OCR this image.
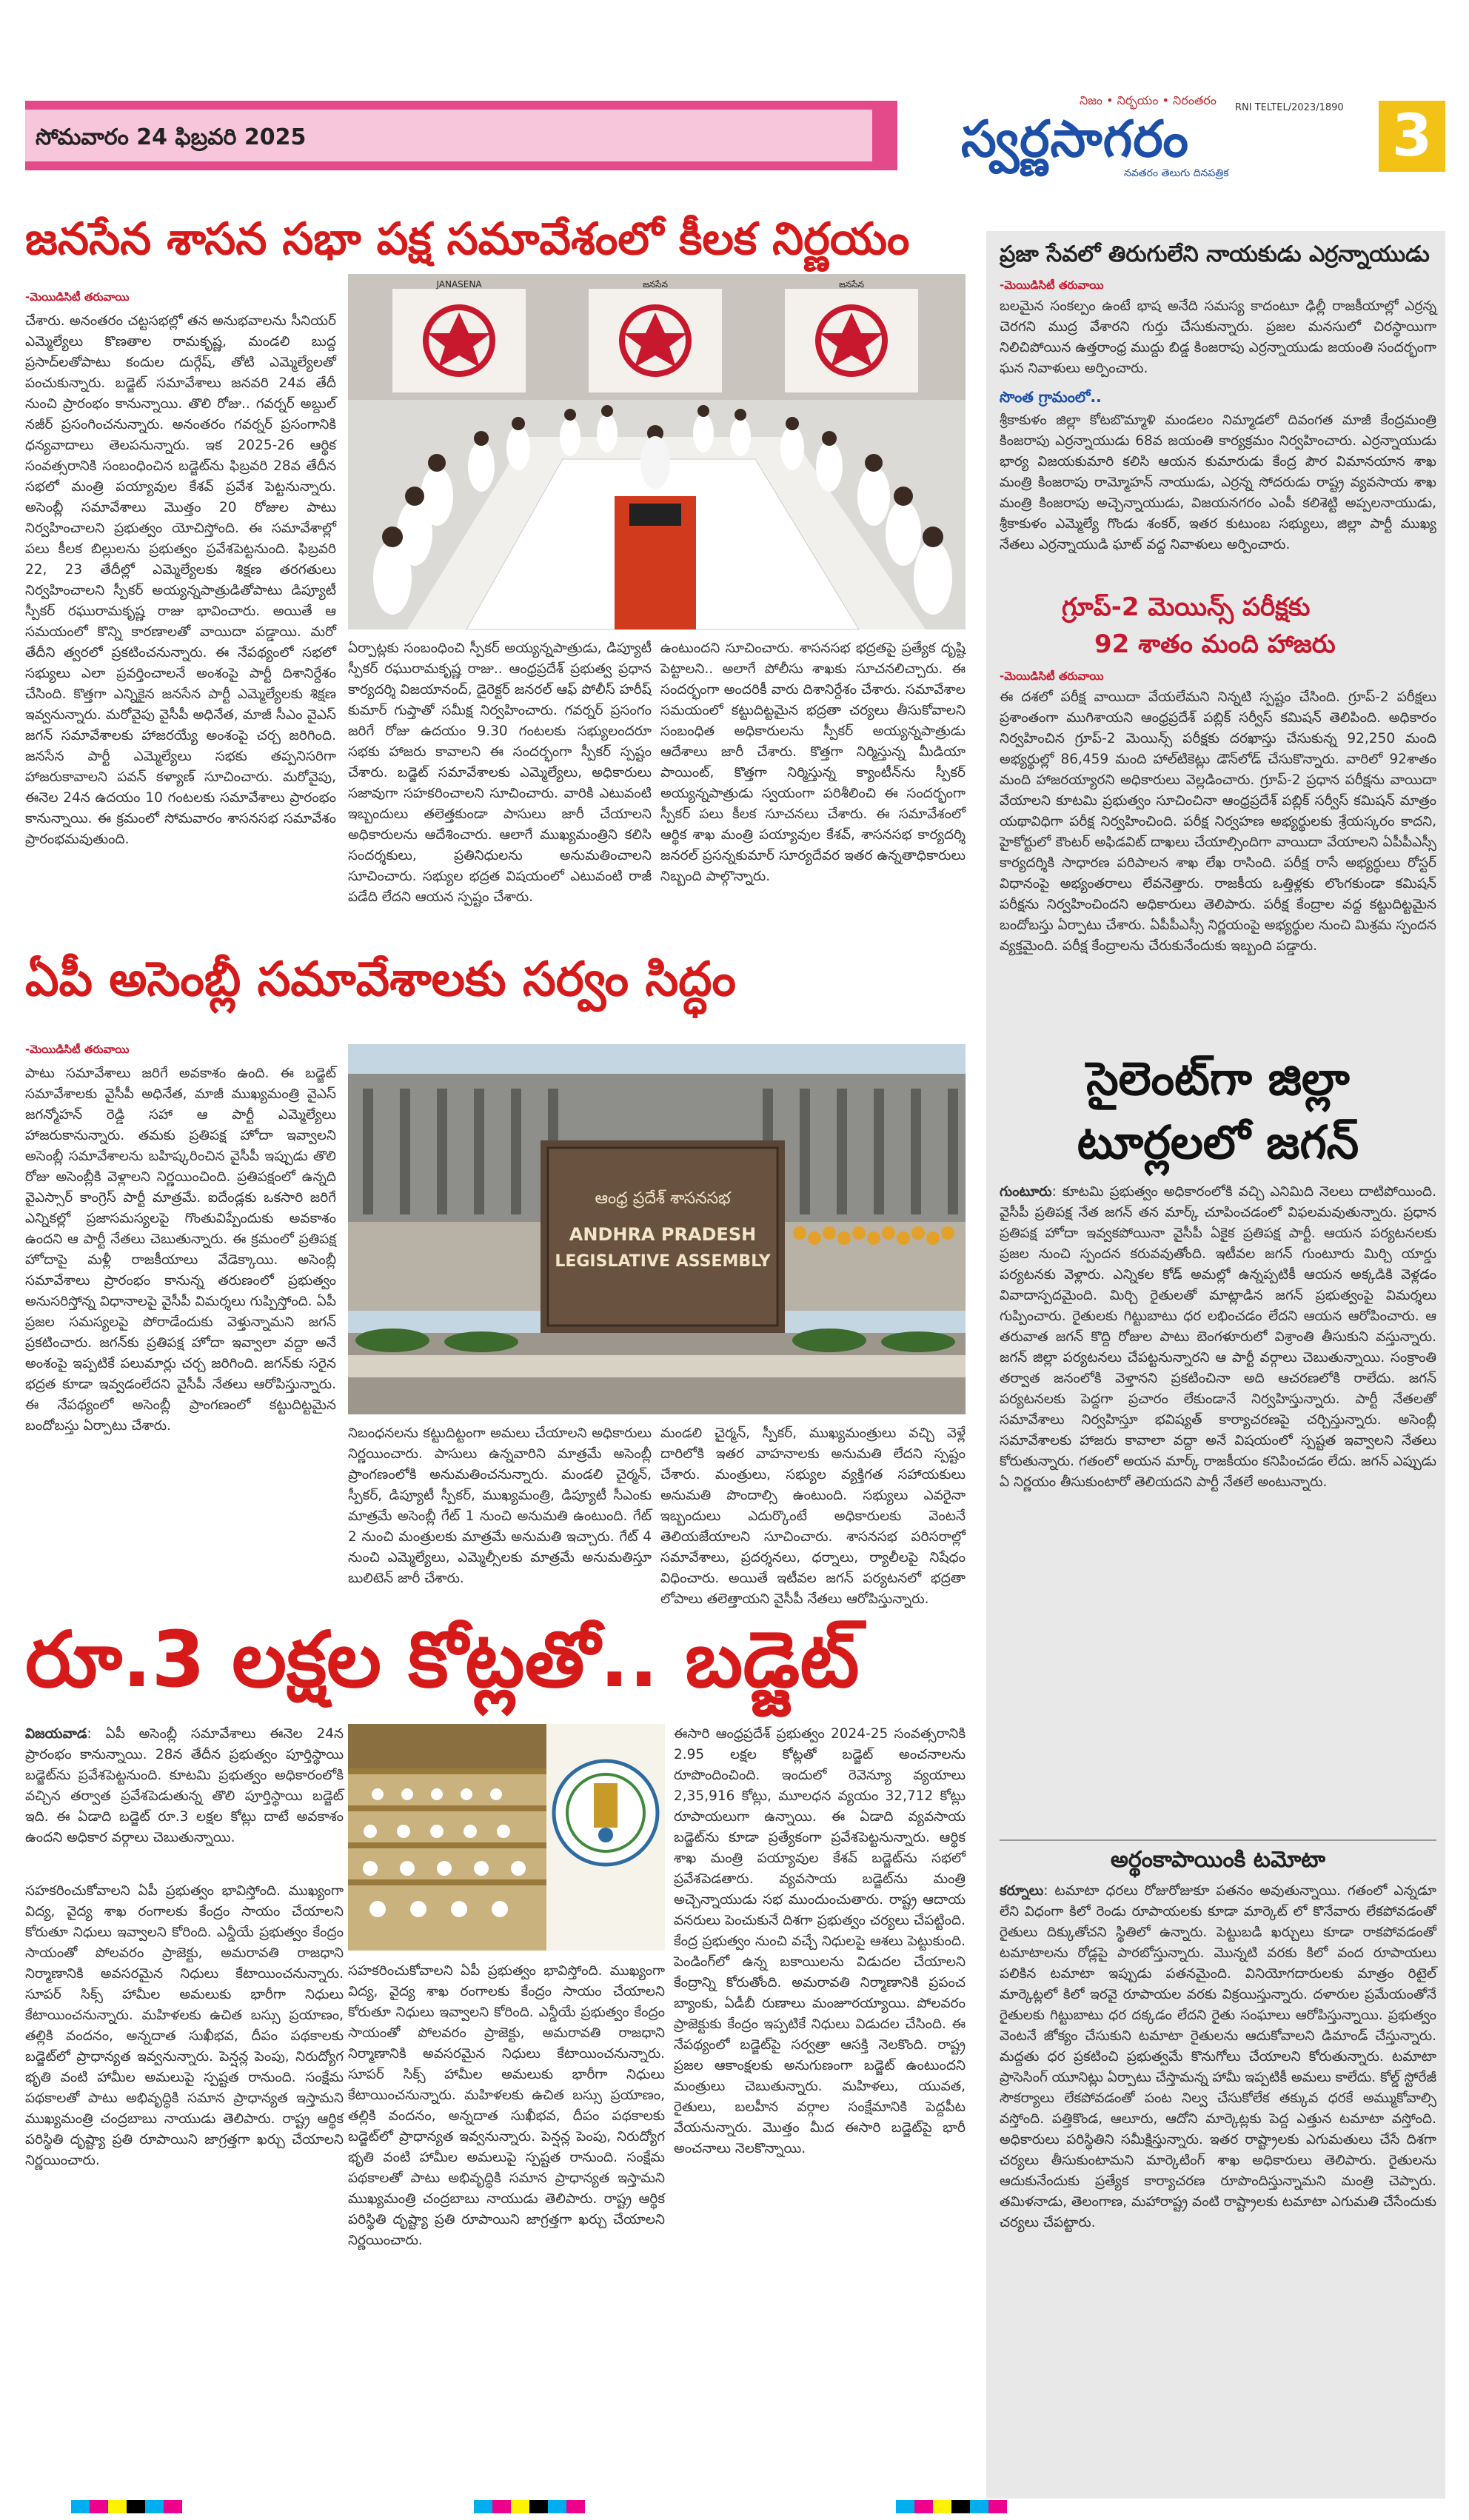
సోమవారం 24 ఫిబ్రవరి 2025
నిజం • నిర్భయం • నిరంతరం
RNI TELTEL/2023/1890
స్వర్ణసాగరం
నవతరం తెలుగు దినపత్రిక
3
జనసేన శాసన సభా పక్ష సమావేశంలో కీలక నిర్ణయం
-మెయిడిసిటీ తరువాయి

చేశారు. అనంతరం చట్టసభల్లో తన అనుభవాలను సీనియర్ ఎమ్మెల్యేలు కొణతాల రామకృష్ణ, మండలి బుద్ద ప్రసాద్‌లతోపాటు కందుల దుర్గేష్, తోటి ఎమ్మెల్యేలతో పంచుకున్నారు. బడ్జెట్ సమావేశాలు జనవరి 24వ తేదీ నుంచి ప్రారంభం కానున్నాయి. తొలి రోజు.. గవర్నర్ అబ్దుల్ నజీర్ ప్రసంగించనున్నారు. అనంతరం గవర్నర్ ప్రసంగానికి ధన్యవాదాలు తెలపనున్నారు. ఇక 2025-26 ఆర్థిక సంవత్సరానికి సంబంధించిన బడ్జెట్‌ను ఫిబ్రవరి 28వ తేదీన సభలో మంత్రి పయ్యావుల కేశవ్ ప్రవేశ పెట్టనున్నారు. అసెంబ్లీ సమావేశాలు మొత్తం 20 రోజుల పాటు నిర్వహించాలని ప్రభుత్వం యోచిస్తోంది. ఈ సమావేశాల్లో పలు కీలక బిల్లులను ప్రభుత్వం ప్రవేశపెట్టనుంది. ఫిబ్రవరి 22, 23 తేదీల్లో ఎమ్మెల్యేలకు శిక్షణ తరగతులు నిర్వహించాలని స్పీకర్ అయ్యన్నపాత్రుడితోపాటు డిప్యూటీ స్పీకర్ రఘురామకృష్ణ రాజు భావించారు. అయితే ఆ సమయంలో కొన్ని కారణాలతో వాయిదా పడ్డాయి. మరో తేదీని త్వరలో ప్రకటించనున్నారు. ఈ నేపథ్యంలో సభలో సభ్యులు ఎలా ప్రవర్తించాలనే అంశంపై పార్టీ దిశానిర్దేశం చేసింది. కొత్తగా ఎన్నికైన జనసేన పార్టీ ఎమ్మెల్యేలకు శిక్షణ ఇవ్వనున్నారు. మరోవైపు వైసీపీ అధినేత, మాజీ సీఎం వైఎస్ జగన్ సమావేశాలకు హాజరయ్యే అంశంపై చర్చ జరిగింది. జనసేన పార్టీ ఎమ్మెల్యేలు సభకు తప్పనిసరిగా హాజరుకావాలని పవన్ కళ్యాణ్ సూచించారు. మరోవైపు, ఈనెల 24న ఉదయం 10 గంటలకు సమావేశాలు ప్రారంభం కానున్నాయి. ఈ క్రమంలో సోమవారం శాసనసభ సమావేశం ప్రారంభమవుతుంది.

JANASENA	జనసేన	జనసేన

ఏర్పాట్లకు సంబంధించి స్పీకర్ అయ్యన్నపాత్రుడు, డిప్యూటీ స్పీకర్ రఘురామకృష్ణ రాజు.. ఆంధ్రప్రదేశ్ ప్రభుత్వ ప్రధాన కార్యదర్శి విజయానంద్, డైరెక్టర్ జనరల్ ఆఫ్ పోలీస్ హరీష్ కుమార్ గుప్తాతో సమీక్ష నిర్వహించారు. గవర్నర్ ప్రసంగం జరిగే రోజు ఉదయం 9.30 గంటలకు సభ్యులందరూ సభకు హాజరు కావాలని ఈ సందర్భంగా స్పీకర్ స్పష్టం చేశారు. బడ్జెట్ సమావేశాలకు ఎమ్మెల్యేలు, అధికారులు సజావుగా సహకరించాలని సూచించారు. వారికి ఎటువంటి ఇబ్బందులు తలెత్తకుండా పాసులు జారీ చేయాలని అధికారులను ఆదేశించారు. ఆలాగే ముఖ్యమంత్రిని కలిసి సందర్శకులు, ప్రతినిధులను అనుమతించాలని సూచించారు. సభ్యుల భద్రత విషయంలో ఎటువంటి రాజీ పడేది లేదని ఆయన స్పష్టం చేశారు.

ఉంటుందని సూచించారు. శాసనసభ భద్రతపై ప్రత్యేక దృష్టి పెట్టాలని.. అలాగే పోలీసు శాఖకు సూచనలిచ్చారు. ఈ సందర్భంగా అందరికీ వారు దిశానిర్దేశం చేశారు. సమావేశాల సమయంలో కట్టుదిట్టమైన భద్రతా చర్యలు తీసుకోవాలని సంబంధిత అధికారులను స్పీకర్ అయ్యన్నపాత్రుడు ఆదేశాలు జారీ చేశారు. కొత్తగా నిర్మిస్తున్న మీడియా పాయింట్, కొత్తగా నిర్మిస్తున్న క్యాంటీన్‌ను స్పీకర్ అయ్యన్నపాత్రుడు స్వయంగా పరిశీలించి ఈ సందర్భంగా స్పీకర్ పలు కీలక సూచనలు చేశారు. ఈ సమావేశంలో ఆర్థిక శాఖ మంత్రి పయ్యావుల కేశవ్, శాసనసభ కార్యదర్శి జనరల్ ప్రసన్నకుమార్ సూర్యదేవర ఇతర ఉన్నతాధికారులు నిబ్బంది పాల్గొన్నారు.

ఏపీ అసెంబ్లీ సమావేశాలకు సర్వం సిద్ధం
-మెయిడిసిటీ తరువాయి

పాటు సమావేశాలు జరిగే అవకాశం ఉంది. ఈ బడ్జెట్ సమావేశాలకు వైసీపీ అధినేత, మాజీ ముఖ్యమంత్రి వైఎస్ జగన్మోహన్ రెడ్డి సహా ఆ పార్టీ ఎమ్మెల్యేలు హాజరుకానున్నారు. తమకు ప్రతిపక్ష హోదా ఇవ్వాలని అసెంబ్లీ సమావేశాలను బహిష్కరించిన వైసీపీ ఇప్పుడు తొలి రోజు అసెంబ్లీకి వెళ్లాలని నిర్ణయించింది. ప్రతిపక్షంలో ఉన్నది వైఎస్సార్ కాంగ్రెస్ పార్టీ మాత్రమే. ఐదేండ్లకు ఒకసారి జరిగే ఎన్నికల్లో ప్రజాసమస్యలపై గొంతువిప్పేందుకు అవకాశం ఉందని ఆ పార్టీ నేతలు చెబుతున్నారు. ఈ క్రమంలో ప్రతిపక్ష హోదాపై మళ్లీ రాజకీయాలు వేడెక్కాయి. అసెంబ్లీ సమావేశాలు ప్రారంభం కానున్న తరుణంలో ప్రభుత్వం అనుసరిస్తోన్న విధానాలపై వైసీపీ విమర్శలు గుప్పిస్తోంది. ఏపీ ప్రజల సమస్యలపై పోరాడేందుకు వెళ్తున్నామని జగన్ ప్రకటించారు. జగన్‌కు ప్రతిపక్ష హోదా ఇవ్వాలా వద్దా అనే అంశంపై ఇప్పటికే పలుమార్లు చర్చ జరిగింది. జగన్‌కు సరైన భద్రత కూడా ఇవ్వడంలేదని వైసీపీ నేతలు ఆరోపిస్తున్నారు. ఈ నేపథ్యంలో అసెంబ్లీ ప్రాంగణంలో కట్టుదిట్టమైన బందోబస్తు ఏర్పాటు చేశారు.

ఆంధ్ర ప్రదేశ్ శాసనసభ
ANDHRA PRADESH
LEGISLATIVE ASSEMBLY

నిబంధనలను కట్టుదిట్టంగా అమలు చేయాలని అధికారులు నిర్ణయించారు. పాసులు ఉన్నవారిని మాత్రమే అసెంబ్లీ ప్రాంగణంలోకి అనుమతించనున్నారు. మండలి చైర్మన్, స్పీకర్, డిప్యూటీ స్పీకర్, ముఖ్యమంత్రి, డిప్యూటీ సీఎంకు మాత్రమే అసెంబ్లీ గేట్ 1 నుంచి అనుమతి ఉంటుంది. గేట్ 2 నుంచి మంత్రులకు మాత్రమే అనుమతి ఇచ్చారు. గేట్ 4 నుంచి ఎమ్మెల్యేలు, ఎమ్మెల్సీలకు మాత్రమే అనుమతిస్తూ బులిటెన్ జారీ చేశారు.

మండలి చైర్మన్, స్పీకర్, ముఖ్యమంత్రులు వచ్చి వెళ్లే దారిలోకి ఇతర వాహనాలకు అనుమతి లేదని స్పష్టం చేశారు. మంత్రులు, సభ్యుల వ్యక్తిగత సహాయకులు అనుమతి పొందాల్సి ఉంటుంది. సభ్యులు ఎవరైనా ఇబ్బందులు ఎదుర్కొంటే అధికారులకు వెంటనే తెలియజేయాలని సూచించారు. శాసనసభ పరిసరాల్లో సమావేశాలు, ప్రదర్శనలు, ధర్నాలు, ర్యాలీలపై నిషేధం విధించారు. అయితే ఇటీవల జగన్ పర్యటనలో భద్రతా లోపాలు తలెత్తాయని వైసీపీ నేతలు ఆరోపిస్తున్నారు.

రూ.3 లక్షల కోట్లతో.. బడ్జెట్

విజయవాడ: ఏపీ అసెంబ్లీ సమావేశాలు ఈనెల 24న ప్రారంభం కానున్నాయి. 28న తేదీన ప్రభుత్వం పూర్తిస్థాయి బడ్జెట్‌ను ప్రవేశపెట్టనుంది. కూటమి ప్రభుత్వం అధికారంలోకి వచ్చిన తర్వాత ప్రవేశపెడుతున్న తొలి పూర్తిస్థాయి బడ్జెట్ ఇది. ఈ ఏడాది బడ్జెట్ రూ.3 లక్షల కోట్లు దాటే అవకాశం ఉందని అధికార వర్గాలు చెబుతున్నాయి.

సహకరించుకోవాలని ఏపీ ప్రభుత్వం భావిస్తోంది. ముఖ్యంగా విద్య, వైద్య శాఖ రంగాలకు కేంద్రం సాయం చేయాలని కోరుతూ నిధులు ఇవ్వాలని కోరింది. ఎన్డీయే ప్రభుత్వం కేంద్రం సాయంతో పోలవరం ప్రాజెక్టు, అమరావతి రాజధాని నిర్మాణానికి అవసరమైన నిధులు కేటాయించనున్నారు. సూపర్ సిక్స్ హామీల అమలుకు భారీగా నిధులు కేటాయించనున్నారు. మహిళలకు ఉచిత బస్సు ప్రయాణం, తల్లికి వందనం, అన్నదాత సుఖీభవ, దీపం పథకాలకు బడ్జెట్‌లో ప్రాధాన్యత ఇవ్వనున్నారు. పెన్షన్ల పెంపు, నిరుద్యోగ భృతి వంటి హామీల అమలుపై స్పష్టత రానుంది. సంక్షేమ పథకాలతో పాటు అభివృద్ధికి సమాన ప్రాధాన్యత ఇస్తామని ముఖ్యమంత్రి చంద్రబాబు నాయుడు తెలిపారు. రాష్ట్ర ఆర్థిక పరిస్థితి దృష్ట్యా ప్రతి రూపాయిని జాగ్రత్తగా ఖర్చు చేయాలని నిర్ణయించారు.

సహకరించుకోవాలని ఏపీ ప్రభుత్వం భావిస్తోంది. ముఖ్యంగా విద్య, వైద్య శాఖ రంగాలకు కేంద్రం సాయం చేయాలని కోరుతూ నిధులు ఇవ్వాలని కోరింది. ఎన్డీయే ప్రభుత్వం కేంద్రం సాయంతో పోలవరం ప్రాజెక్టు, అమరావతి రాజధాని నిర్మాణానికి అవసరమైన నిధులు కేటాయించనున్నారు. సూపర్ సిక్స్ హామీల అమలుకు భారీగా నిధులు కేటాయించనున్నారు. మహిళలకు ఉచిత బస్సు ప్రయాణం, తల్లికి వందనం, అన్నదాత సుఖీభవ, దీపం పథకాలకు బడ్జెట్‌లో ప్రాధాన్యత ఇవ్వనున్నారు. పెన్షన్ల పెంపు, నిరుద్యోగ భృతి వంటి హామీల అమలుపై స్పష్టత రానుంది. సంక్షేమ పథకాలతో పాటు అభివృద్ధికి సమాన ప్రాధాన్యత ఇస్తామని ముఖ్యమంత్రి చంద్రబాబు నాయుడు తెలిపారు. రాష్ట్ర ఆర్థిక పరిస్థితి దృష్ట్యా ప్రతి రూపాయిని జాగ్రత్తగా ఖర్చు చేయాలని నిర్ణయించారు.

ఈసారి ఆంధ్రప్రదేశ్ ప్రభుత్వం 2024-25 సంవత్సరానికి 2.95 లక్షల కోట్లతో బడ్జెట్ అంచనాలను రూపొందించింది. ఇందులో రెవెన్యూ వ్యయాలు 2,35,916 కోట్లు, మూలధన వ్యయం 32,712 కోట్లు రూపాయలుగా ఉన్నాయి. ఈ ఏడాది వ్యవసాయ బడ్జెట్‌ను కూడా ప్రత్యేకంగా ప్రవేశపెట్టనున్నారు. ఆర్థిక శాఖ మంత్రి పయ్యావుల కేశవ్ బడ్జెట్‌ను సభలో ప్రవేశపెడతారు. వ్యవసాయ బడ్జెట్‌ను మంత్రి అచ్చెన్నాయుడు సభ ముందుంచుతారు. రాష్ట్ర ఆదాయ వనరులు పెంచుకునే దిశగా ప్రభుత్వం చర్యలు చేపట్టింది. కేంద్ర ప్రభుత్వం నుంచి వచ్చే నిధులపై ఆశలు పెట్టుకుంది. పెండింగ్‌లో ఉన్న బకాయిలను విడుదల చేయాలని కేంద్రాన్ని కోరుతోంది. అమరావతి నిర్మాణానికి ప్రపంచ బ్యాంకు, ఏడీబీ రుణాలు మంజూరయ్యాయి. పోలవరం ప్రాజెక్టుకు కేంద్రం ఇప్పటికే నిధులు విడుదల చేసింది. ఈ నేపథ్యంలో బడ్జెట్‌పై సర్వత్రా ఆసక్తి నెలకొంది. రాష్ట్ర ప్రజల ఆకాంక్షలకు అనుగుణంగా బడ్జెట్ ఉంటుందని మంత్రులు చెబుతున్నారు. మహిళలు, యువత, రైతులు, బలహీన వర్గాల సంక్షేమానికి పెద్దపీట వేయనున్నారు. మొత్తం మీద ఈసారి బడ్జెట్‌పై భారీ అంచనాలు నెలకొన్నాయి.

ప్రజా సేవలో తిరుగులేని నాయకుడు ఎర్రన్నాయుడు
-మెయిడిసిటీ తరువాయి

బలమైన సంకల్పం ఉంటే భాష అనేది సమస్య కాదంటూ ఢిల్లీ రాజకీయాల్లో ఎర్రన్న చెరగని ముద్ర వేశారని గుర్తు చేసుకున్నారు. ప్రజల మనసులో చిరస్థాయిగా నిలిచిపోయిన ఉత్తరాంధ్ర ముద్దు బిడ్డ కింజరాపు ఎర్రన్నాయుడు జయంతి సందర్భంగా ఘన నివాళులు అర్పించారు.

సొంత గ్రామంలో..

శ్రీకాకుళం జిల్లా కోటబొమ్మాళి మండలం నిమ్మాడలో దివంగత మాజీ కేంద్రమంత్రి కింజరాపు ఎర్రన్నాయుడు 68వ జయంతి కార్యక్రమం నిర్వహించారు. ఎర్రన్నాయుడు భార్య విజయకుమారి కలిసి ఆయన కుమారుడు కేంద్ర పౌర విమానయాన శాఖ మంత్రి కింజరాపు రామ్మోహన్ నాయుడు, ఎర్రన్న సోదరుడు రాష్ట్ర వ్యవసాయ శాఖ మంత్రి కింజరాపు అచ్చెన్నాయుడు, విజయనగరం ఎంపీ కలిశెట్టి అప్పలనాయుడు, శ్రీకాకుళం ఎమ్మెల్యే గొండు శంకర్, ఇతర కుటుంబ సభ్యులు, జిల్లా పార్టీ ముఖ్య నేతలు ఎర్రన్నాయుడి ఘాట్ వద్ద నివాళులు అర్పించారు.

గ్రూప్-2 మెయిన్స్ పరీక్షకు
92 శాతం మంది హాజరు
-మెయిడిసిటీ తరువాయి

ఈ దశలో పరీక్ష వాయిదా వేయలేమని నిన్నటి స్పష్టం చేసింది. గ్రూప్-2 పరీక్షలు ప్రశాంతంగా ముగిశాయని ఆంధ్రప్రదేశ్ పబ్లిక్ సర్వీస్ కమిషన్ తెలిపింది. అధికారం నిర్వహించిన గ్రూప్-2 మెయిన్స్ పరీక్షకు దరఖాస్తు చేసుకున్న 92,250 మంది అభ్యర్థుల్లో 86,459 మంది హాల్‌టికెట్లు డౌన్‌లోడ్ చేసుకొన్నారు. వారిలో 92శాతం మంది హాజరయ్యారని అధికారులు వెల్లడించారు. గ్రూప్-2 ప్రధాన పరీక్షను వాయిదా వేయాలని కూటమి ప్రభుత్వం సూచించినా ఆంధ్రప్రదేశ్ పబ్లిక్ సర్వీస్ కమిషన్ మాత్రం యథావిధిగా పరీక్ష నిర్వహించింది. పరీక్ష నిర్వహణ అభ్యర్థులకు శ్రేయస్కరం కాదని, హైకోర్టులో కౌంటర్ అఫిడవిట్ దాఖలు చేయాల్సిందిగా వాయిదా వేయాలని ఏపీపీఎస్సీ కార్యదర్శికి సాధారణ పరిపాలన శాఖ లేఖ రాసింది. పరీక్ష రాసే అభ్యర్థులు రోస్టర్ విధానంపై అభ్యంతరాలు లేవనెత్తారు. రాజకీయ ఒత్తిళ్లకు లొంగకుండా కమిషన్ పరీక్షను నిర్వహించిందని అధికారులు తెలిపారు. పరీక్ష కేంద్రాల వద్ద కట్టుదిట్టమైన బందోబస్తు ఏర్పాటు చేశారు. ఏపీపీఎస్సీ నిర్ణయంపై అభ్యర్థుల నుంచి మిశ్రమ స్పందన వ్యక్తమైంది. పరీక్ష కేంద్రాలను చేరుకునేందుకు ఇబ్బంది పడ్డారు.

సైలెంట్‌గా జిల్లా
టూర్లలలో జగన్

గుంటూరు: కూటమి ప్రభుత్వం అధికారంలోకి వచ్చి ఎనిమిది నెలలు దాటిపోయింది. వైసీపీ ప్రతిపక్ష నేత జగన్ తన మార్క్ చూపించడంలో విఫలమవుతున్నారు. ప్రధాన ప్రతిపక్ష హోదా ఇవ్వకపోయినా వైసీపీ ఏకైక ప్రతిపక్ష పార్టీ. ఆయన పర్యటనలకు ప్రజల నుంచి స్పందన కరువవుతోంది. ఇటీవల జగన్ గుంటూరు మిర్చి యార్డు పర్యటనకు వెళ్లారు. ఎన్నికల కోడ్ అమల్లో ఉన్నప్పటికీ ఆయన అక్కడికి వెళ్లడం వివాదాస్పదమైంది. మిర్చి రైతులతో మాట్లాడిన జగన్ ప్రభుత్వంపై విమర్శలు గుప్పించారు. రైతులకు గిట్టుబాటు ధర లభించడం లేదని ఆయన ఆరోపించారు. ఆ తరువాత జగన్ కొద్ది రోజుల పాటు బెంగళూరులో విశ్రాంతి తీసుకుని వస్తున్నారు. జగన్ జిల్లా పర్యటనలు చేపట్టనున్నారని ఆ పార్టీ వర్గాలు చెబుతున్నాయి. సంక్రాంతి తర్వాత జనంలోకి వెళ్తానని ప్రకటించినా అది ఆచరణలోకి రాలేదు. జగన్ పర్యటనలకు పెద్దగా ప్రచారం లేకుండానే నిర్వహిస్తున్నారు. పార్టీ నేతలతో సమావేశాలు నిర్వహిస్తూ భవిష్యత్ కార్యాచరణపై చర్చిస్తున్నారు. అసెంబ్లీ సమావేశాలకు హాజరు కావాలా వద్దా అనే విషయంలో స్పష్టత ఇవ్వాలని నేతలు కోరుతున్నారు. గతంలో అయన మార్క్ రాజకీయం కనిపించడం లేదు. జగన్ ఎప్పుడు ఏ నిర్ణయం తీసుకుంటారో తెలియదని పార్టీ నేతలే అంటున్నారు.

అర్థంకాపాయింకి టమోటా

కర్నూలు: టమాటా ధరలు రోజురోజుకూ పతనం అవుతున్నాయి. గతంలో ఎన్నడూ లేని విధంగా కిలో రెండు రూపాయలకు కూడా మార్కెట్ లో కొనేవారు లేకపోవడంతో రైతులు దిక్కుతోచని స్థితిలో ఉన్నారు. పెట్టుబడి ఖర్చులు కూడా రాకపోవడంతో టమాటాలను రోడ్లపై పారబోస్తున్నారు. మొన్నటి వరకు కిలో వంద రూపాయలు పలికిన టమాటా ఇప్పుడు పతనమైంది. వినియోగదారులకు మాత్రం రిటైల్ మార్కెట్లలో కిలో ఇరవై రూపాయల వరకు విక్రయిస్తున్నారు. దళారుల ప్రమేయంతోనే రైతులకు గిట్టుబాటు ధర దక్కడం లేదని రైతు సంఘాలు ఆరోపిస్తున్నాయి. ప్రభుత్వం వెంటనే జోక్యం చేసుకుని టమాటా రైతులను ఆదుకోవాలని డిమాండ్ చేస్తున్నారు. మద్దతు ధర ప్రకటించి ప్రభుత్వమే కొనుగోలు చేయాలని కోరుతున్నారు. టమాటా ప్రాసెసింగ్ యూనిట్లు ఏర్పాటు చేస్తామన్న హామీ ఇప్పటికీ అమలు కాలేదు. కోల్డ్ స్టోరేజీ సౌకర్యాలు లేకపోవడంతో పంట నిల్వ చేసుకోలేక తక్కువ ధరకే అమ్ముకోవాల్సి వస్తోంది. పత్తికొండ, ఆలూరు, ఆదోని మార్కెట్లకు పెద్ద ఎత్తున టమాటా వస్తోంది. అధికారులు పరిస్థితిని సమీక్షిస్తున్నారు. ఇతర రాష్ట్రాలకు ఎగుమతులు చేసే దిశగా చర్యలు తీసుకుంటామని మార్కెటింగ్ శాఖ అధికారులు తెలిపారు. రైతులను ఆదుకునేందుకు ప్రత్యేక కార్యాచరణ రూపొందిస్తున్నామని మంత్రి చెప్పారు. తమిళనాడు, తెలంగాణ, మహారాష్ట్ర వంటి రాష్ట్రాలకు టమాటా ఎగుమతి చేసేందుకు చర్యలు చేపట్టారు.
